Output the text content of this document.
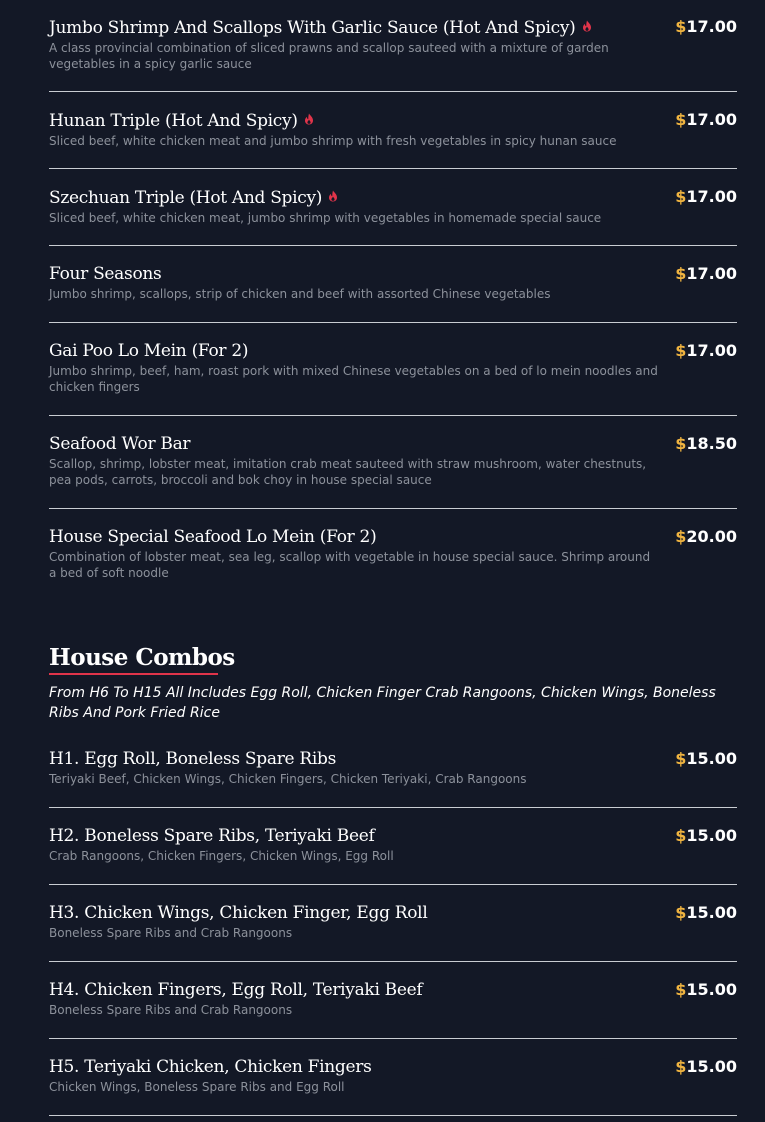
Jumbo Shrimp And Scallops With Garlic Sauce (Hot And Spicy)
A class provincial combination of sliced prawns and scallop sauteed with a mixture of garden vegetables in a spicy garlic sauce
$17.00
Hunan Triple (Hot And Spicy)
Sliced beef, white chicken meat and jumbo shrimp with fresh vegetables in spicy hunan sauce
$17.00
Szechuan Triple (Hot And Spicy)
Sliced beef, white chicken meat, jumbo shrimp with vegetables in homemade special sauce
$17.00
Four Seasons
Jumbo shrimp, scallops, strip of chicken and beef with assorted Chinese vegetables
$17.00
Gai Poo Lo Mein (For 2)
Jumbo shrimp, beef, ham, roast pork with mixed Chinese vegetables on a bed of lo mein noodles and chicken fingers
$17.00
Seafood Wor Bar
Scallop, shrimp, lobster meat, imitation crab meat sauteed with straw mushroom, water chestnuts, pea pods, carrots, broccoli and bok choy in house special sauce
$18.50
House Special Seafood Lo Mein (For 2)
Combination of lobster meat, sea leg, scallop with vegetable in house special sauce. Shrimp around a bed of soft noodle
$20.00
House Combos
From H6 To H15 All Includes Egg Roll, Chicken Finger Crab Rangoons, Chicken Wings, Boneless Ribs And Pork Fried Rice
H1. Egg Roll, Boneless Spare Ribs
Teriyaki Beef, Chicken Wings, Chicken Fingers, Chicken Teriyaki, Crab Rangoons
$15.00
H2. Boneless Spare Ribs, Teriyaki Beef
Crab Rangoons, Chicken Fingers, Chicken Wings, Egg Roll
$15.00
H3. Chicken Wings, Chicken Finger, Egg Roll
Boneless Spare Ribs and Crab Rangoons
$15.00
H4. Chicken Fingers, Egg Roll, Teriyaki Beef
Boneless Spare Ribs and Crab Rangoons
$15.00
H5. Teriyaki Chicken, Chicken Fingers
Chicken Wings, Boneless Spare Ribs and Egg Roll
$15.00
